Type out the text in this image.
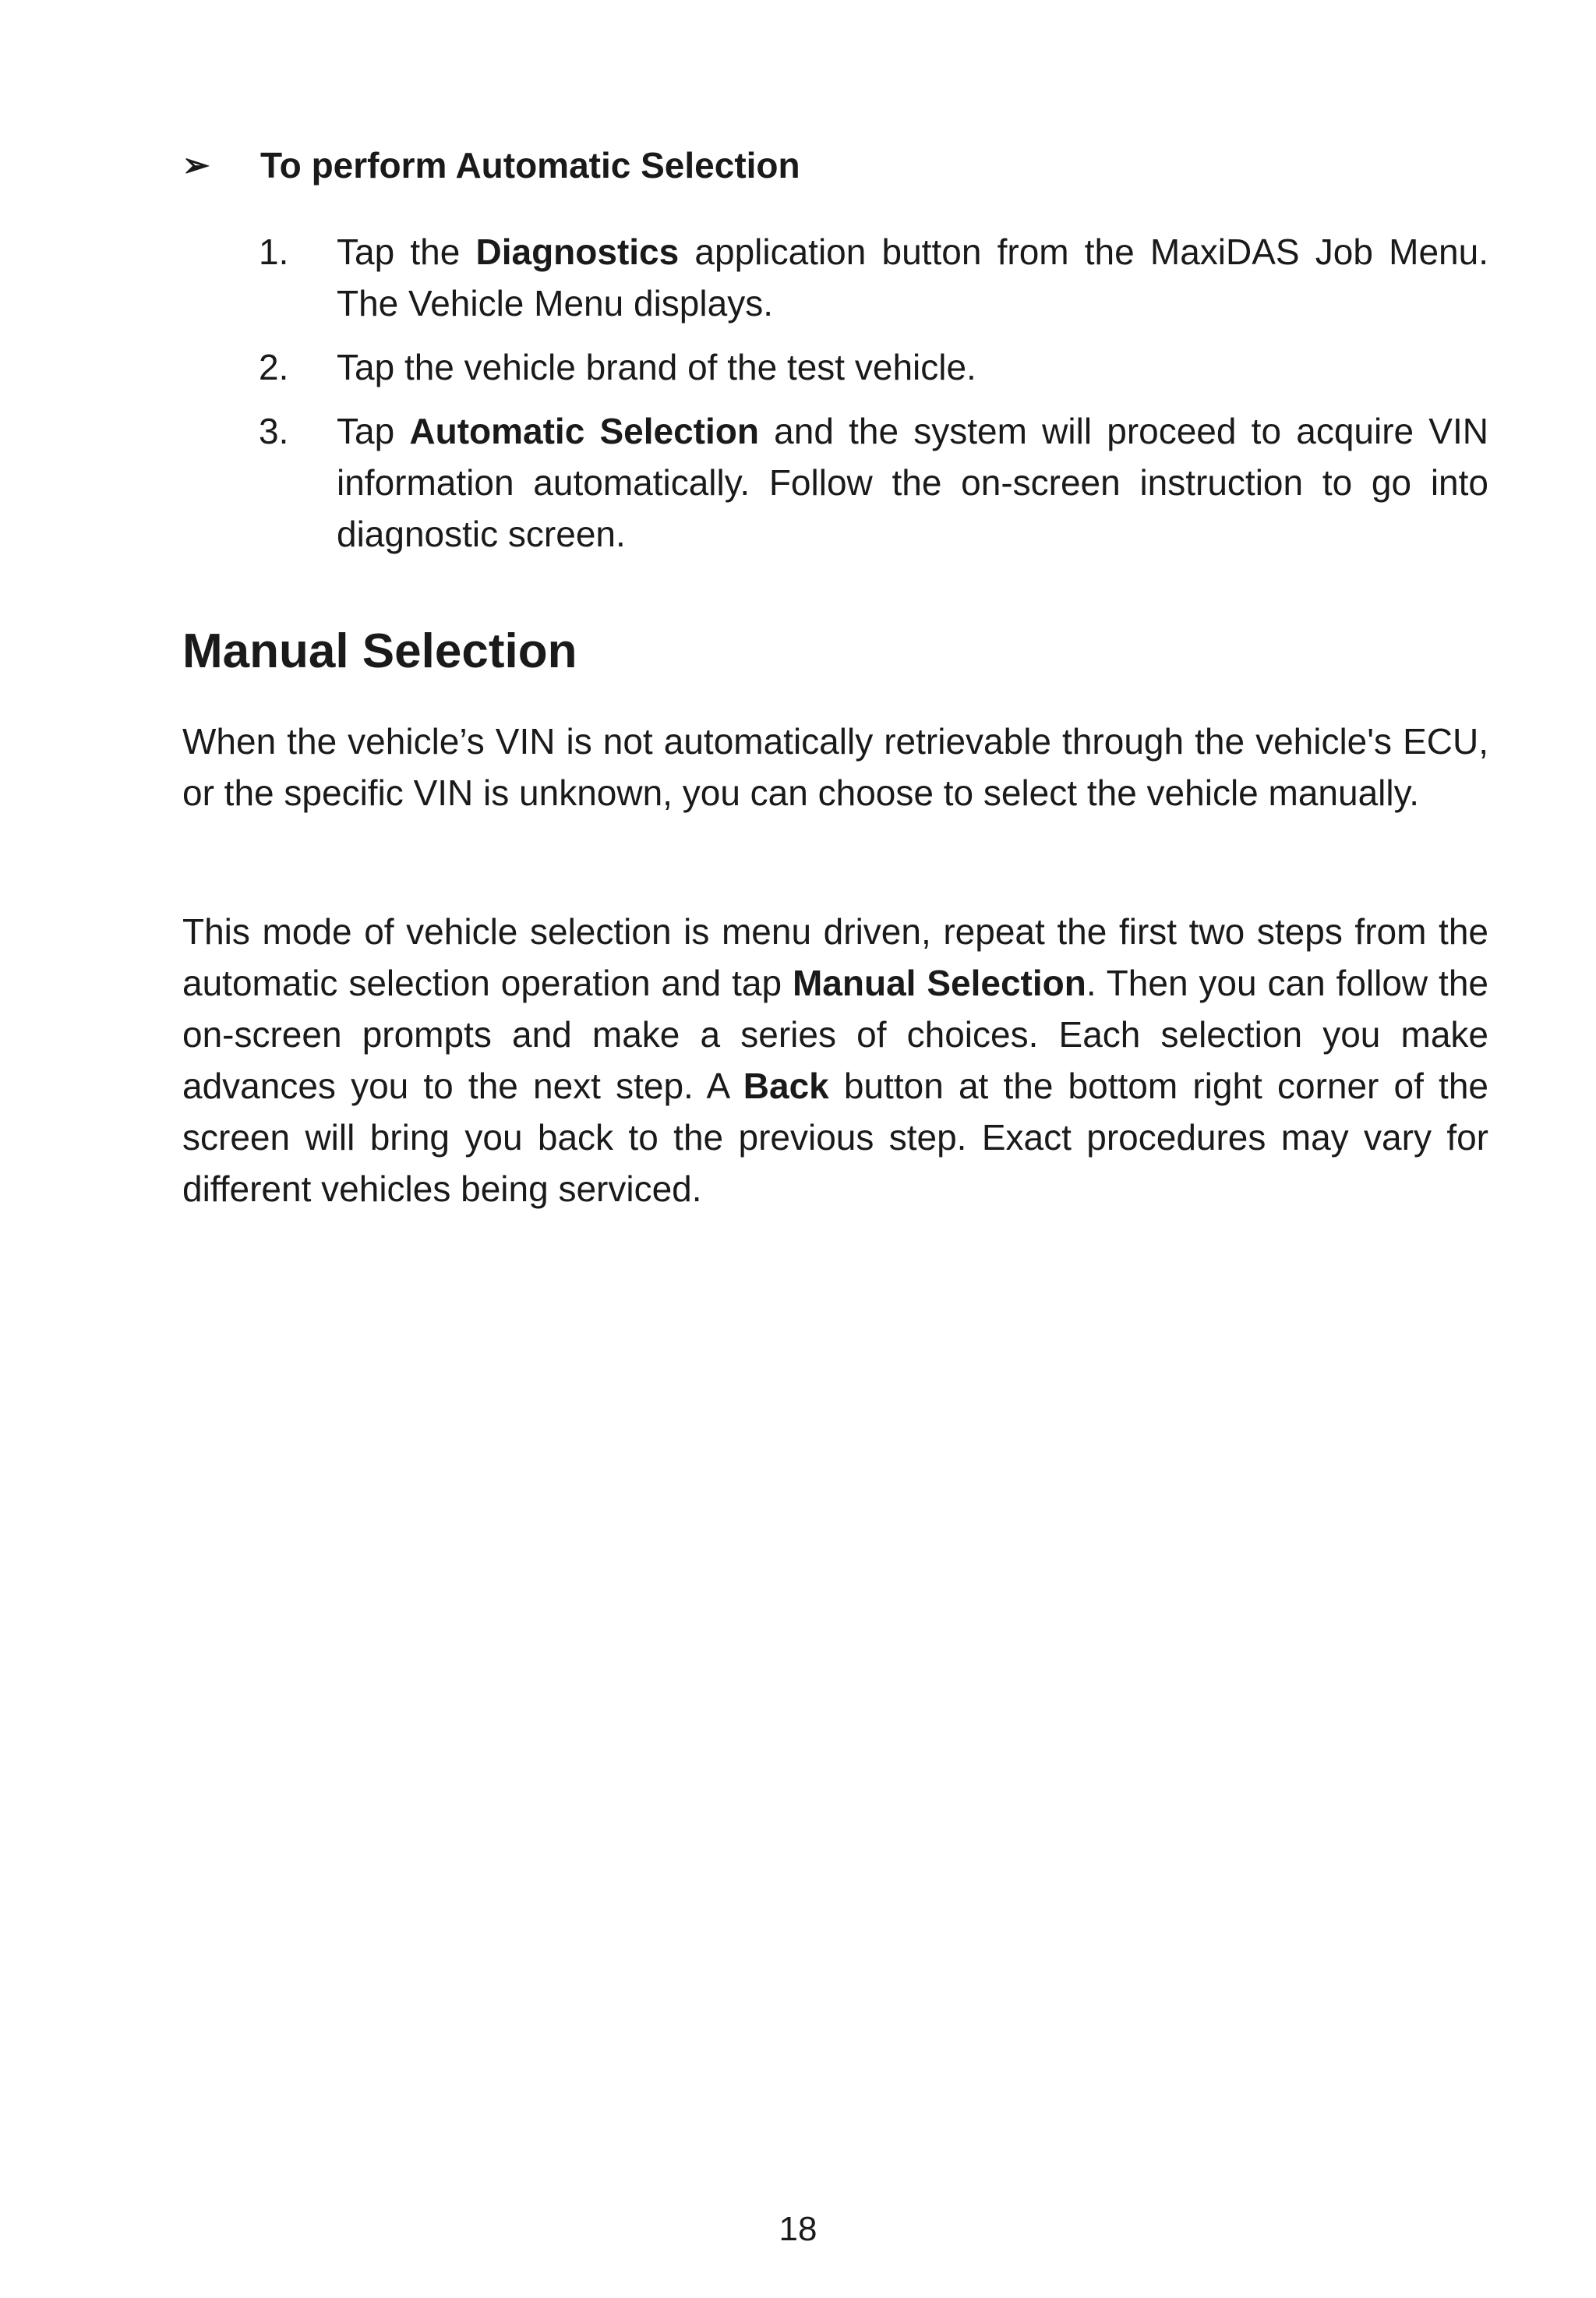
➢ To perform Automatic Selection
1. Tap the Diagnostics application button from the MaxiDAS Job Menu. The Vehicle Menu displays.
2. Tap the vehicle brand of the test vehicle.
3. Tap Automatic Selection and the system will proceed to acquire VIN information automatically. Follow the on-screen instruction to go into diagnostic screen.
Manual Selection

When the vehicle’s VIN is not automatically retrievable through the vehicle's ECU, or the specific VIN is unknown, you can choose to select the vehicle manually.

This mode of vehicle selection is menu driven, repeat the first two steps from the automatic selection operation and tap Manual Selection. Then you can follow the on-screen prompts and make a series of choices. Each selection you make advances you to the next step. A Back button at the bottom right corner of the screen will bring you back to the previous step. Exact procedures may vary for different vehicles being serviced.

18
